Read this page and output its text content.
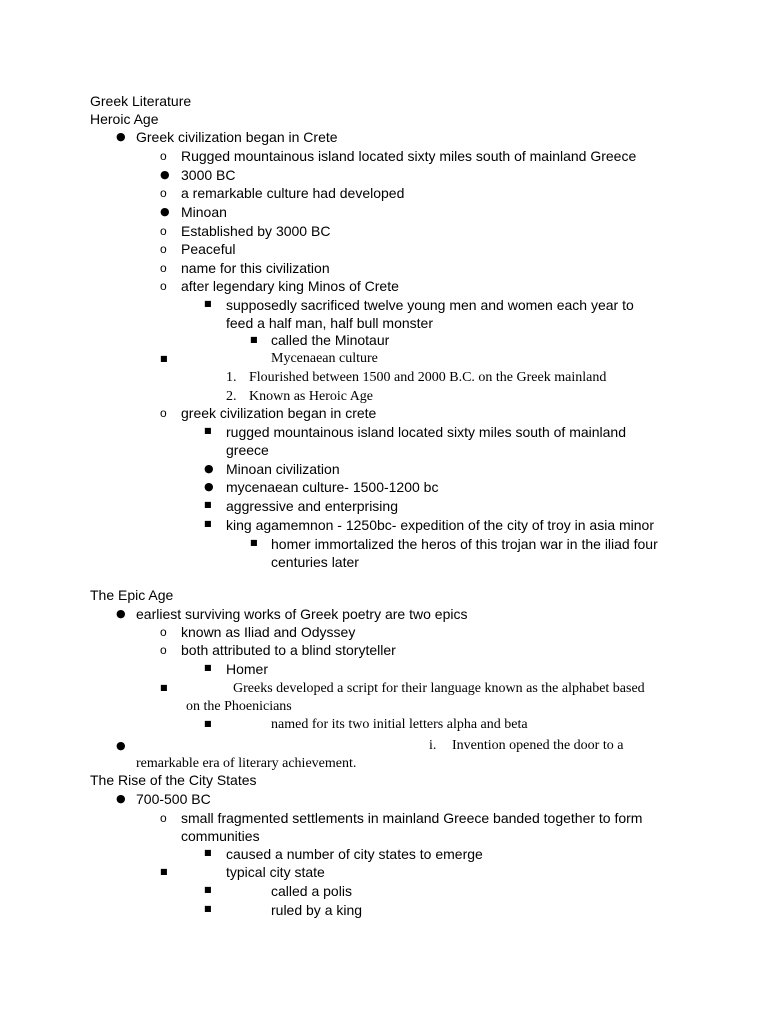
Greek Literature
Heroic Age
● Greek civilization began in Crete
o Rugged mountainous island located sixty miles south of mainland Greece
● 3000 BC
o a remarkable culture had developed
● Minoan
o Established by 3000 BC
o Peaceful
o name for this civilization
o after legendary king Minos of Crete
■ supposedly sacrificed twelve young men and women each year to
feed a half man, half bull monster
■ called the Minotaur
■	Mycenaean culture
1. Flourished between 1500 and 2000 B.C. on the Greek mainland
2. Known as Heroic Age
o greek civilization began in crete
■ rugged mountainous island located sixty miles south of mainland
greece
● Minoan civilization
● mycenaean culture- 1500-1200 bc
■ aggressive and enterprising
■ king agamemnon - 1250bc- expedition of the city of troy in asia minor
■ homer immortalized the heros of this trojan war in the iliad four
centuries later
The Epic Age
● earliest surviving works of Greek poetry are two epics
o known as Iliad and Odyssey
o both attributed to a blind storyteller
■ Homer
■	Greeks developed a script for their language known as the alphabet based
on the Phoenicians
■	named for its two initial letters alpha and beta
●	i. Invention opened the door to a
remarkable era of literary achievement.
The Rise of the City States
● 700-500 BC
o small fragmented settlements in mainland Greece banded together to form
communities
■ caused a number of city states to emerge
■	typical city state
■	called a polis
■	ruled by a king
